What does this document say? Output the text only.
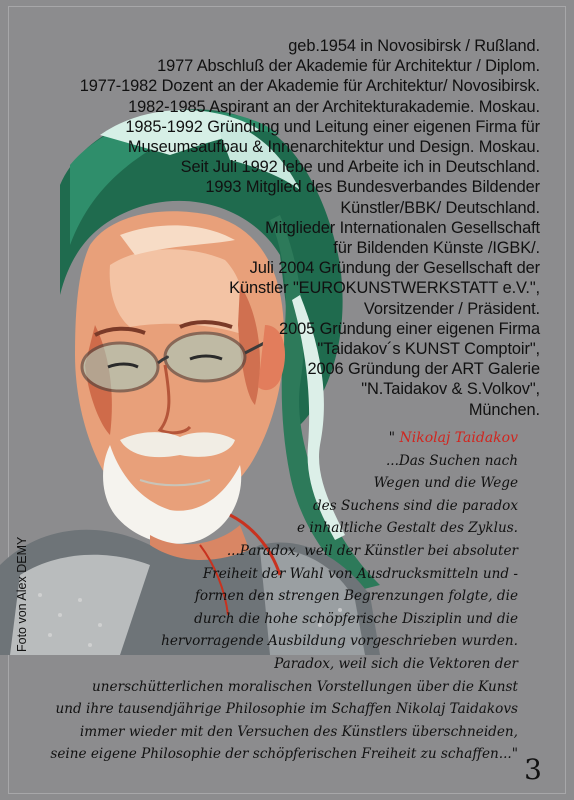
geb.1954 in Novosibirsk / Rußland.
1977 Abschluß der Akademie für Architektur / Diplom.
1977-1982 Dozent an der Akademie für Architektur/ Novosibirsk.
1982-1985 Aspirant an der Architekturakademie. Moskau.
1985-1992 Gründung und Leitung einer eigenen Firma für
Museumsaufbau & Innenarchitektur und Design. Moskau.
Seit Juli 1992 lebe und Arbeite ich in Deutschland.
1993 Mitglied des Bundesverbandes Bildender
Künstler/BBK/ Deutschland.
Mitglieder Internationalen Gesellschaft
für Bildenden Künste /IGBK/.
Juli 2004 Gründung der Gesellschaft der
Künstler "EUROKUNSTWERKSTATT e.V.",
Vorsitzender / Präsident.
2005 Gründung einer eigenen Firma
"Taidakov´s KUNST Comptoir",
2006 Gründung der ART Galerie
"N.Taidakov & S.Volkov",
München.
" Nikolaj Taidakov
...Das Suchen nach
Wegen und die Wege
des Suchens sind die paradox
e inhaltliche Gestalt des Zyklus.
...Paradox, weil der Künstler bei absoluter
Freiheit der Wahl von Ausdrucksmitteln und -
formen den strengen Begrenzungen folgte, die
durch die hohe schöpferische Disziplin und die
hervorragende Ausbildung vorgeschrieben wurden.
Paradox, weil sich die Vektoren der
unerschütterlichen moralischen Vorstellungen über die Kunst
und ihre tausendjährige Philosophie im Schaffen Nikolaj Taidakovs
immer wieder mit den Versuchen des Künstlers überschneiden,
seine eigene Philosophie der schöpferischen Freiheit zu schaffen..."
Foto von Alex DEMY
3
